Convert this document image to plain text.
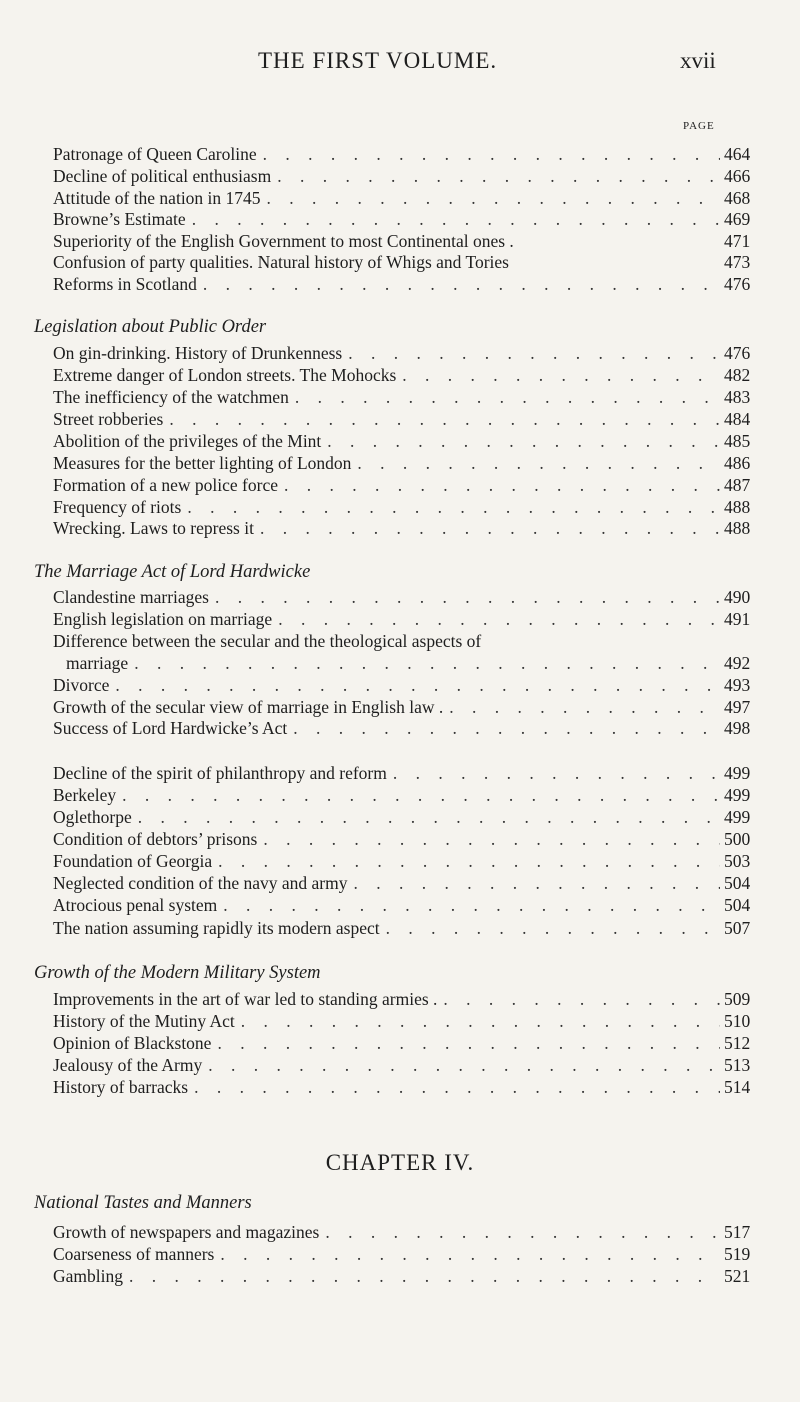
THE FIRST VOLUME.	xvii
PAGE
Patronage of Queen Caroline . . .	464
Decline of political enthusiasm . . .	466
Attitude of the nation in 1745 . . .	468
Browne’s Estimate . . .	469
Superiority of the English Government to most Continental ones .	471
Confusion of party qualities. Natural history of Whigs and Tories	473
Reforms in Scotland . . .	476
Legislation about Public Order
On gin-drinking. History of Drunkenness . . .	476
Extreme danger of London streets. The Mohocks . . .	482
The inefficiency of the watchmen . . .	483
Street robberies . . .	484
Abolition of the privileges of the Mint . . .	485
Measures for the better lighting of London . . .	486
Formation of a new police force . . .	487
Frequency of riots . . .	488
Wrecking. Laws to repress it . . .	488
The Marriage Act of Lord Hardwicke
Clandestine marriages . . .	490
English legislation on marriage . . .	491
Difference between the secular and the theological aspects of
marriage . . .	492
Divorce . . .	493
Growth of the secular view of marriage in English law . . . .	497
Success of Lord Hardwicke’s Act . . .	498
Decline of the spirit of philanthropy and reform . . .	499
Berkeley . . .	499
Oglethorpe . . .	499
Condition of debtors’ prisons . . .	500
Foundation of Georgia . . .	503
Neglected condition of the navy and army . . .	504
Atrocious penal system . . .	504
The nation assuming rapidly its modern aspect . . .	507
Growth of the Modern Military System
Improvements in the art of war led to standing armies . . . .	509
History of the Mutiny Act . . .	510
Opinion of Blackstone . . .	512
Jealousy of the Army . . .	513
History of barracks . . .	514
CHAPTER IV.
National Tastes and Manners
Growth of newspapers and magazines . . .	517
Coarseness of manners . . .	519
Gambling . . .	521
